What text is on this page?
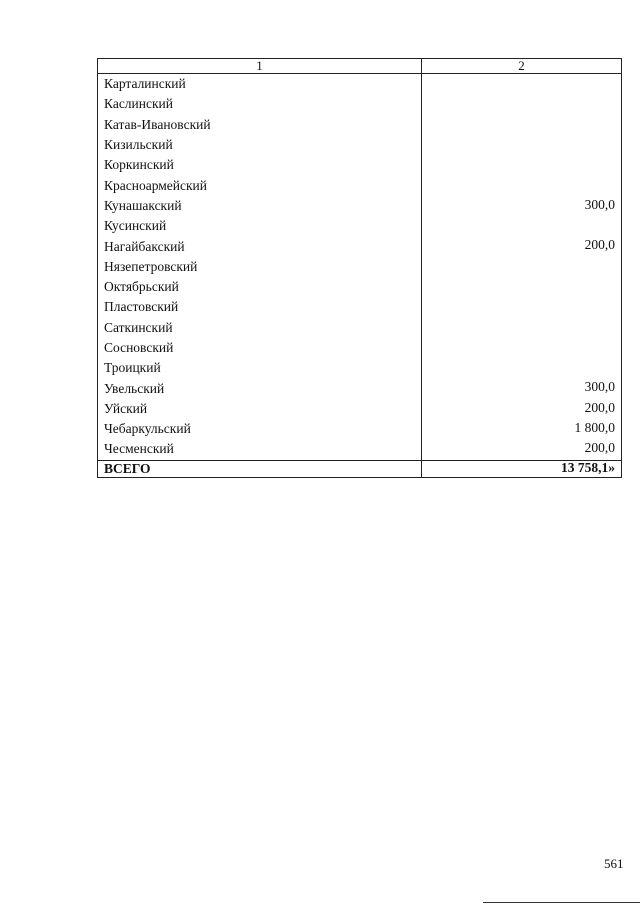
1	2
Карталинский	
Каслинский	
Катав-Ивановский	
Кизильский	
Коркинский	
Красноармейский	
Кунашакский	300,0
Кусинский	
Нагайбакский	200,0
Нязепетровский	
Октябрьский	
Пластовский	
Саткинский	
Сосновский	
Троицкий	
Увельский	300,0
Уйский	200,0
Чебаркульский	1 800,0
Чесменский	200,0
ВСЕГО	13 758,1»
561
